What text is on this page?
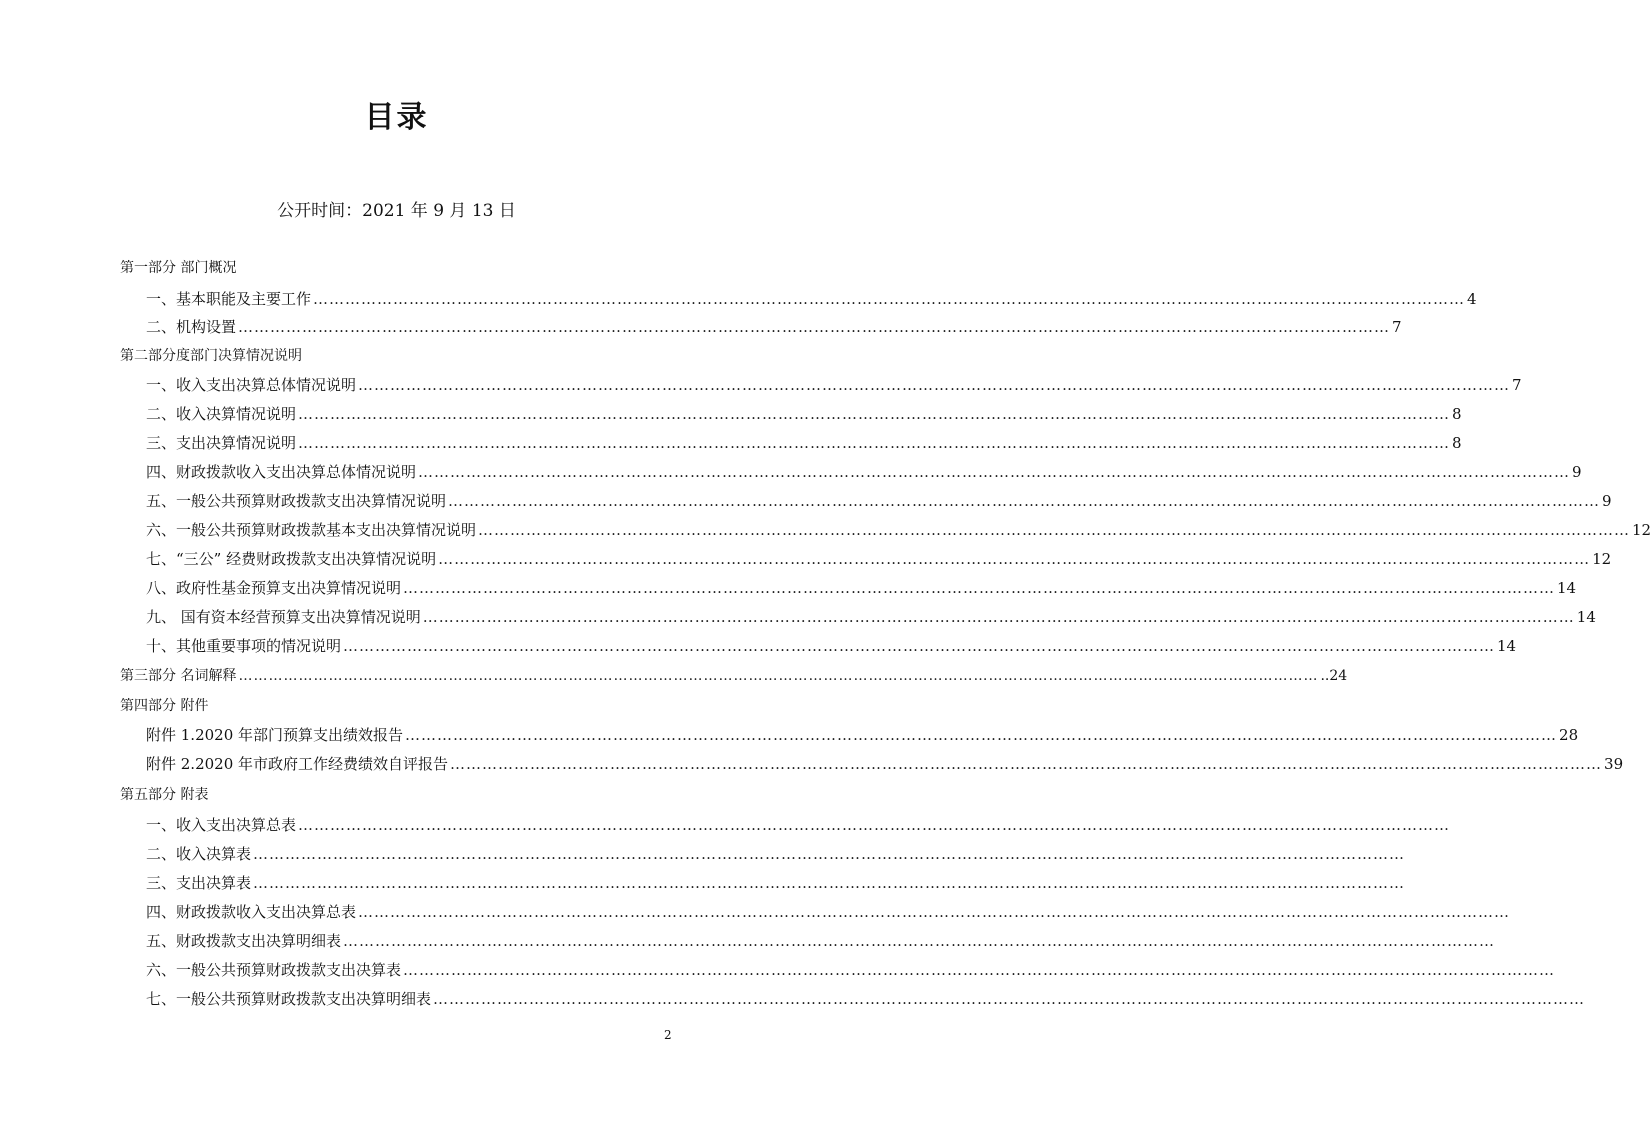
目录
公开时间：2021 年 9 月 13 日
第一部分 部门概况
一、基本职能及主要工作 ……………………………………………………………………………………………………………………………………………………………………………………………… 4
二、机构设置 ……………………………………………………………………………………………………………………………………………………………………………………………… 7
第二部分度部门决算情况说明
一、收入支出决算总体情况说明 ……………………………………………………………………………………………………………………………………………………………………………………………… 7
二、收入决算情况说明 ……………………………………………………………………………………………………………………………………………………………………………………………… 8
三、支出决算情况说明 ……………………………………………………………………………………………………………………………………………………………………………………………… 8
四、财政拨款收入支出决算总体情况说明 ……………………………………………………………………………………………………………………………………………………………………………………………… 9
五、一般公共预算财政拨款支出决算情况说明 ……………………………………………………………………………………………………………………………………………………………………………………………… 9
六、一般公共预算财政拨款基本支出决算情况说明 ……………………………………………………………………………………………………………………………………………………………………………………………… 12
七、“三公” 经费财政拨款支出决算情况说明 ……………………………………………………………………………………………………………………………………………………………………………………………… 12
八、政府性基金预算支出决算情况说明 ……………………………………………………………………………………………………………………………………………………………………………………………… 14
九、 国有资本经营预算支出决算情况说明 ……………………………………………………………………………………………………………………………………………………………………………………………… 14
十、其他重要事项的情况说明 ……………………………………………………………………………………………………………………………………………………………………………………………… 14
第三部分 名词解释 ……………………………………………………………………………………………………………………………………………………………………………………………… ..24
第四部分 附件
附件 1.2020 年部门预算支出绩效报告 ……………………………………………………………………………………………………………………………………………………………………………………………… 28
附件 2.2020 年市政府工作经费绩效自评报告 ……………………………………………………………………………………………………………………………………………………………………………………………… 39
第五部分 附表
一、收入支出决算总表 ………………………………………………………………………………………………………………………………………………………………………………………………
二、收入决算表 ………………………………………………………………………………………………………………………………………………………………………………………………
三、支出决算表 ………………………………………………………………………………………………………………………………………………………………………………………………
四、财政拨款收入支出决算总表 ………………………………………………………………………………………………………………………………………………………………………………………………
五、财政拨款支出决算明细表 ………………………………………………………………………………………………………………………………………………………………………………………………
六、一般公共预算财政拨款支出决算表 ………………………………………………………………………………………………………………………………………………………………………………………………
七、一般公共预算财政拨款支出决算明细表 ………………………………………………………………………………………………………………………………………………………………………………………………
2
